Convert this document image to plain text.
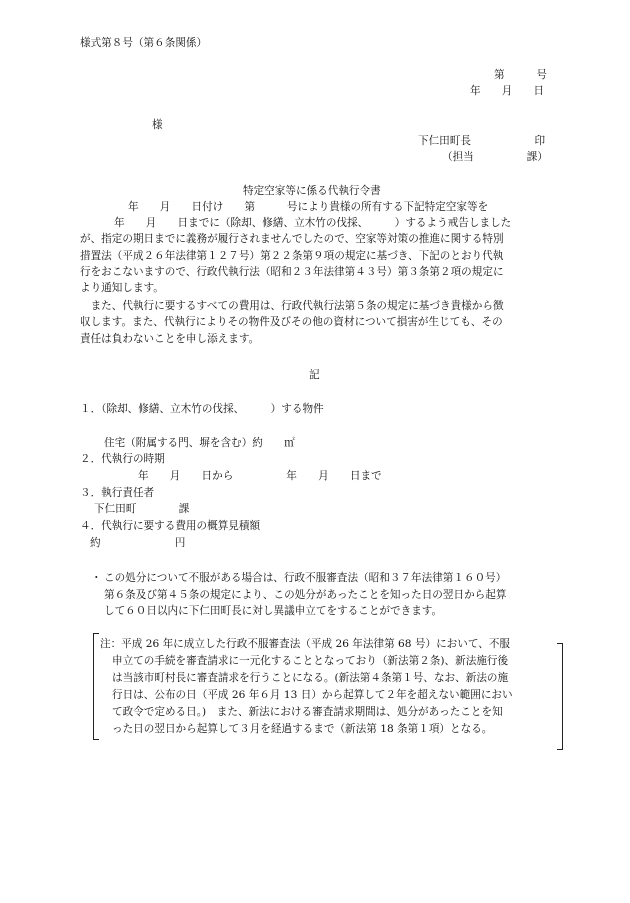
様式第８号（第６条関係）
第　　　号
年　　月　　日
様
下仁田町長　　　　　　印
（担当　　　　　課）
特定空家等に係る代執行令書
年　　月　　日付け　　第　　　号により貴様の所有する下記特定空家等を
年　　月　　日までに（除却、修繕、立木竹の伐採、　　　）するよう戒告しました
が、指定の期日までに義務が履行されませんでしたので、空家等対策の推進に関する特別
措置法（平成２６年法律第１２７号）第２２条第９項の規定に基づき、下記のとおり代執
行をおこないますので、行政代執行法（昭和２３年法律第４３号）第３条第２項の規定に
より通知します。
　また、代執行に要するすべての費用は、行政代執行法第５条の規定に基づき貴様から徴
収します。また、代執行によりその物件及びその他の資材について損害が生じても、その
責任は負わないことを申し添えます。
記
１．（除却、修繕、立木竹の伐採、　　　）する物件
住宅（附属する門、塀を含む）約　　㎡
２．代執行の時期
年　　月　　日から　　　　　年　　月　　日まで
３．執行責任者
下仁田町　　　　課
４．代執行に要する費用の概算見積額
約　　　　　　　円
・ この処分について不服がある場合は、行政不服審査法（昭和３７年法律第１６０号）
第６条及び第４５条の規定により、この処分があったことを知った日の翌日から起算
して６０日以内に下仁田町長に対し異議申立てをすることができます。
注：平成 26 年に成立した行政不服審査法（平成 26 年法律第 68 号）において、不服
申立ての手続を審査請求に一元化することとなっており（新法第２条)、新法施行後
は当該市町村長に審査請求を行うことになる。(新法第４条第１号、なお、新法の施
行日は、公布の日（平成 26 年６月 13 日）から起算して２年を超えない範囲におい
て政令で定める日。)　また、新法における審査請求期間は、処分があったことを知
った日の翌日から起算して３月を経過するまで（新法第 18 条第１項）となる。
